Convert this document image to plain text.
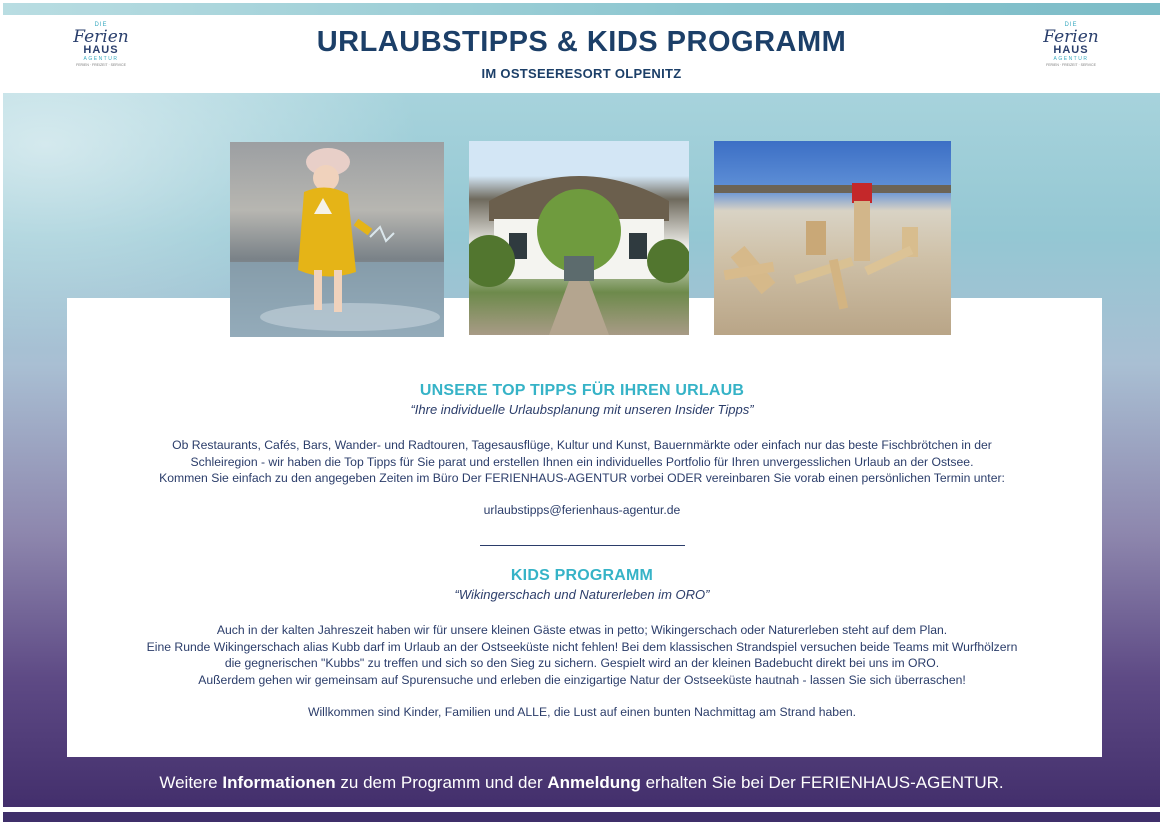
DIE
Ferien
HAUS
AGENTUR
FERIEN · FREIZEIT · SERVICE
DIE
Ferien
HAUS
AGENTUR
FERIEN · FREIZEIT · SERVICE
URLAUBSTIPPS & KIDS PROGRAMM
IM OSTSEERESORT OLPENITZ

UNSERE TOP TIPPS FÜR IHREN URLAUB

“Ihre individuelle Urlaubsplanung mit unseren Insider Tipps”

Ob Restaurants, Cafés, Bars, Wander- und Radtouren, Tagesausflüge, Kultur und Kunst, Bauernmärkte oder einfach nur das beste Fischbrötchen in der

Schleiregion - wir haben die Top Tipps für Sie parat und erstellen Ihnen ein individuelles Portfolio für Ihren unvergesslichen Urlaub an der Ostsee.

Kommen Sie einfach zu den angegeben Zeiten im Büro Der FERIENHAUS-AGENTUR vorbei ODER vereinbaren Sie vorab einen persönlichen Termin unter:

urlaubstipps@ferienhaus-agentur.de

KIDS PROGRAMM

“Wikingerschach und Naturerleben im ORO”

Auch in der kalten Jahreszeit haben wir für unsere kleinen Gäste etwas in petto; Wikingerschach oder Naturerleben steht auf dem Plan.

Eine Runde Wikingerschach alias Kubb darf im Urlaub an der Ostseeküste nicht fehlen! Bei dem klassischen Strandspiel versuchen beide Teams mit Wurfhölzern

die gegnerischen "Kubbs" zu treffen und sich so den Sieg zu sichern. Gespielt wird an der kleinen Badebucht direkt bei uns im ORO.

Außerdem gehen wir gemeinsam auf Spurensuche und erleben die einzigartige Natur der Ostseeküste hautnah - lassen Sie sich überraschen!

Willkommen sind Kinder, Familien und ALLE, die Lust auf einen bunten Nachmittag am Strand haben.

Weitere Informationen zu dem Programm und der Anmeldung erhalten Sie bei Der FERIENHAUS-AGENTUR.
